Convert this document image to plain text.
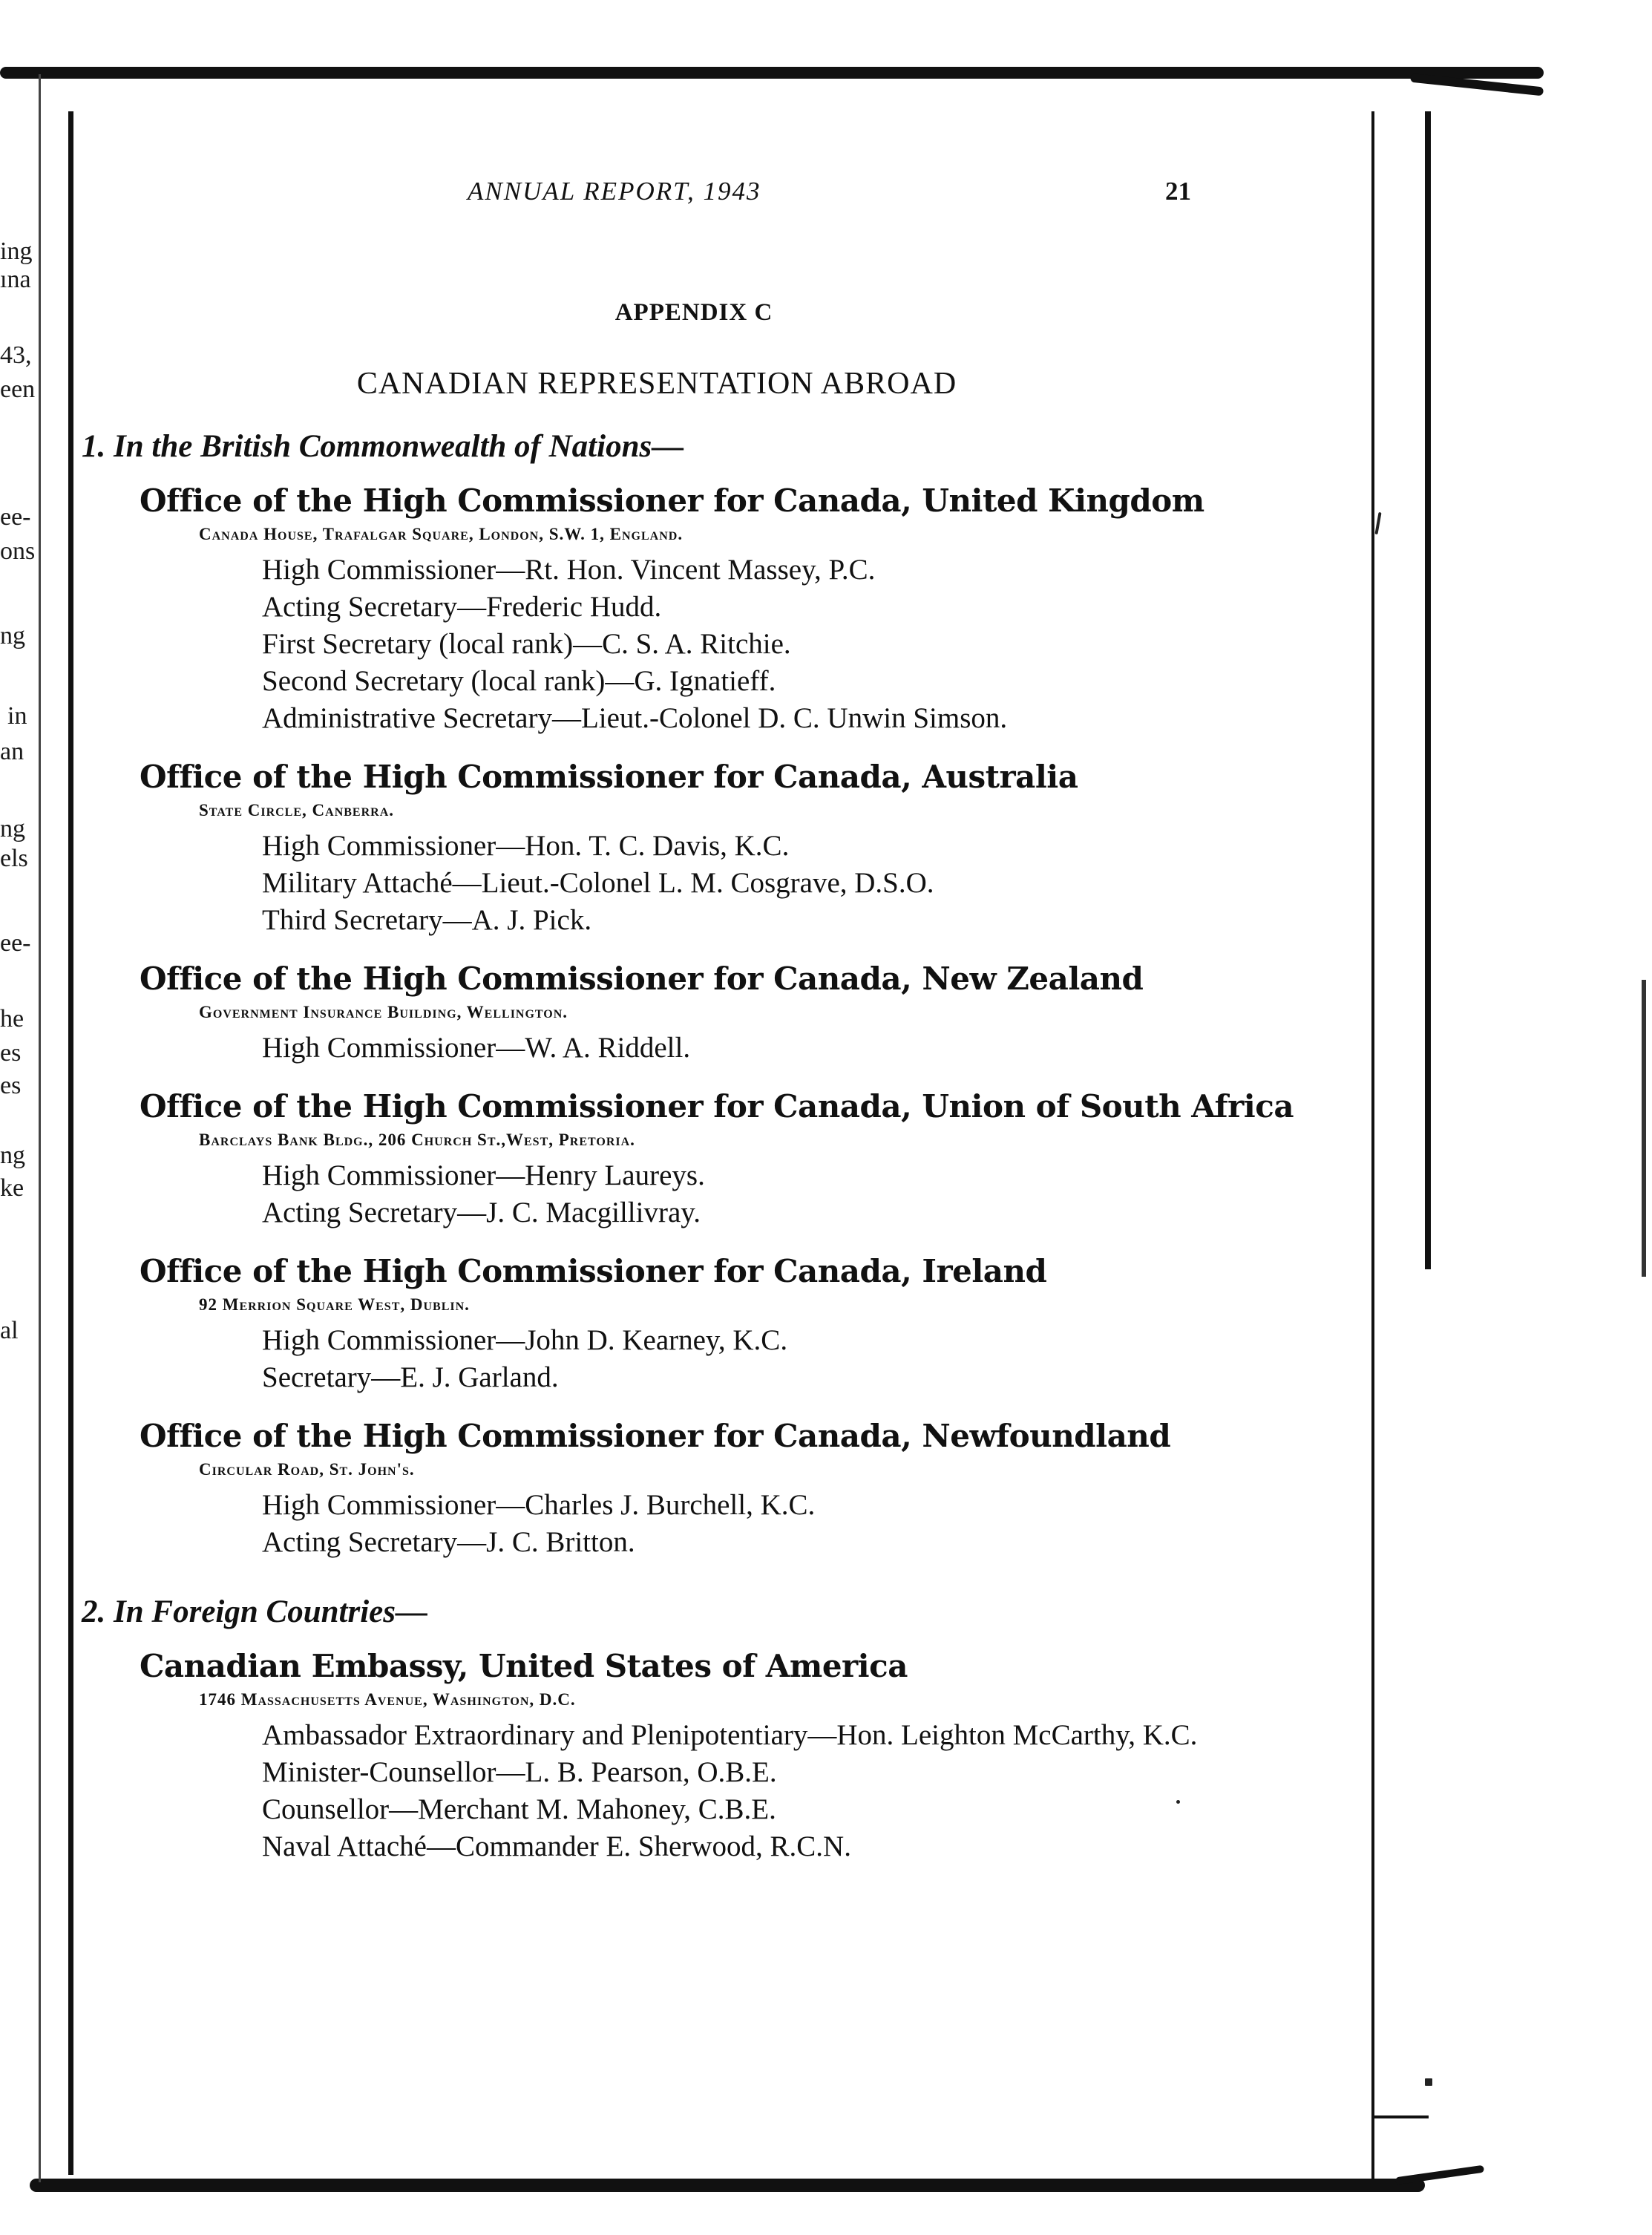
ing
ına
43,
een
ee-
ons
ng
in
an
ng
els
ee-
he
es
es
ng
ke
al
ANNUAL REPORT, 1943	21
APPENDIX C
CANADIAN REPRESENTATION ABROAD
1. In the British Commonwealth of Nations—
Office of the High Commissioner for Canada, United Kingdom
Canada House, Trafalgar Square, London, S.W. 1, England.
High Commissioner—Rt. Hon. Vincent Massey, P.C.
Acting Secretary—Frederic Hudd.
First Secretary (local rank)—C. S. A. Ritchie.
Second Secretary (local rank)—G. Ignatieff.
Administrative Secretary—Lieut.-Colonel D. C. Unwin Simson.
Office of the High Commissioner for Canada, Australia
State Circle, Canberra.
High Commissioner—Hon. T. C. Davis, K.C.
Military Attaché—Lieut.-Colonel L. M. Cosgrave, D.S.O.
Third Secretary—A. J. Pick.
Office of the High Commissioner for Canada, New Zealand
Government Insurance Building, Wellington.
High Commissioner—W. A. Riddell.
Office of the High Commissioner for Canada, Union of South Africa
Barclays Bank Bldg., 206 Church St.,West, Pretoria.
High Commissioner—Henry Laureys.
Acting Secretary—J. C. Macgillivray.
Office of the High Commissioner for Canada, Ireland
92 Merrion Square West, Dublin.
High Commissioner—John D. Kearney, K.C.
Secretary—E. J. Garland.
Office of the High Commissioner for Canada, Newfoundland
Circular Road, St. John's.
High Commissioner—Charles J. Burchell, K.C.
Acting Secretary—J. C. Britton.
2. In Foreign Countries—
Canadian Embassy, United States of America
1746 Massachusetts Avenue, Washington, D.C.
Ambassador Extraordinary and Plenipotentiary—Hon. Leighton McCarthy, K.C.
Minister-Counsellor—L. B. Pearson, O.B.E.
Counsellor—Merchant M. Mahoney, C.B.E.
Naval Attaché—Commander E. Sherwood, R.C.N.
